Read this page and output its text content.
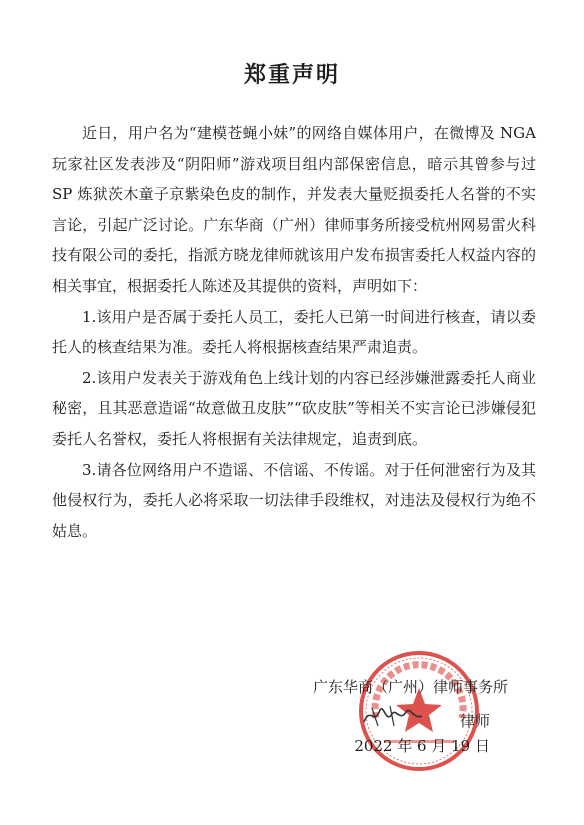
郑重声明

近日，用户名为“建模苍蝇小妹”的网络自媒体用户，在微博及 NGA 玩家社区发表涉及“阴阳师”游戏项目组内部保密信息，暗示其曾参与过 SP 炼狱茨木童子京紫染色皮的制作，并发表大量贬损委托人名誉的不实言论，引起广泛讨论。广东华商（广州）律师事务所接受杭州网易雷火科技有限公司的委托，指派方晓龙律师就该用户发布损害委托人权益内容的相关事宜，根据委托人陈述及其提供的资料，声明如下：

1.该用户是否属于委托人员工，委托人已第一时间进行核查，请以委托人的核查结果为准。委托人将根据核查结果严肃追责。

2.该用户发表关于游戏角色上线计划的内容已经涉嫌泄露委托人商业秘密，且其恶意造谣“故意做丑皮肤”“砍皮肤”等相关不实言论已涉嫌侵犯委托人名誉权，委托人将根据有关法律规定，追责到底。

3.请各位网络用户不造谣、不信谣、不传谣。对于任何泄密行为及其他侵权行为，委托人必将采取一切法律手段维权，对违法及侵权行为绝不姑息。

广东华商（广州）律师事务所
律师
2022 年 6 月 19 日
